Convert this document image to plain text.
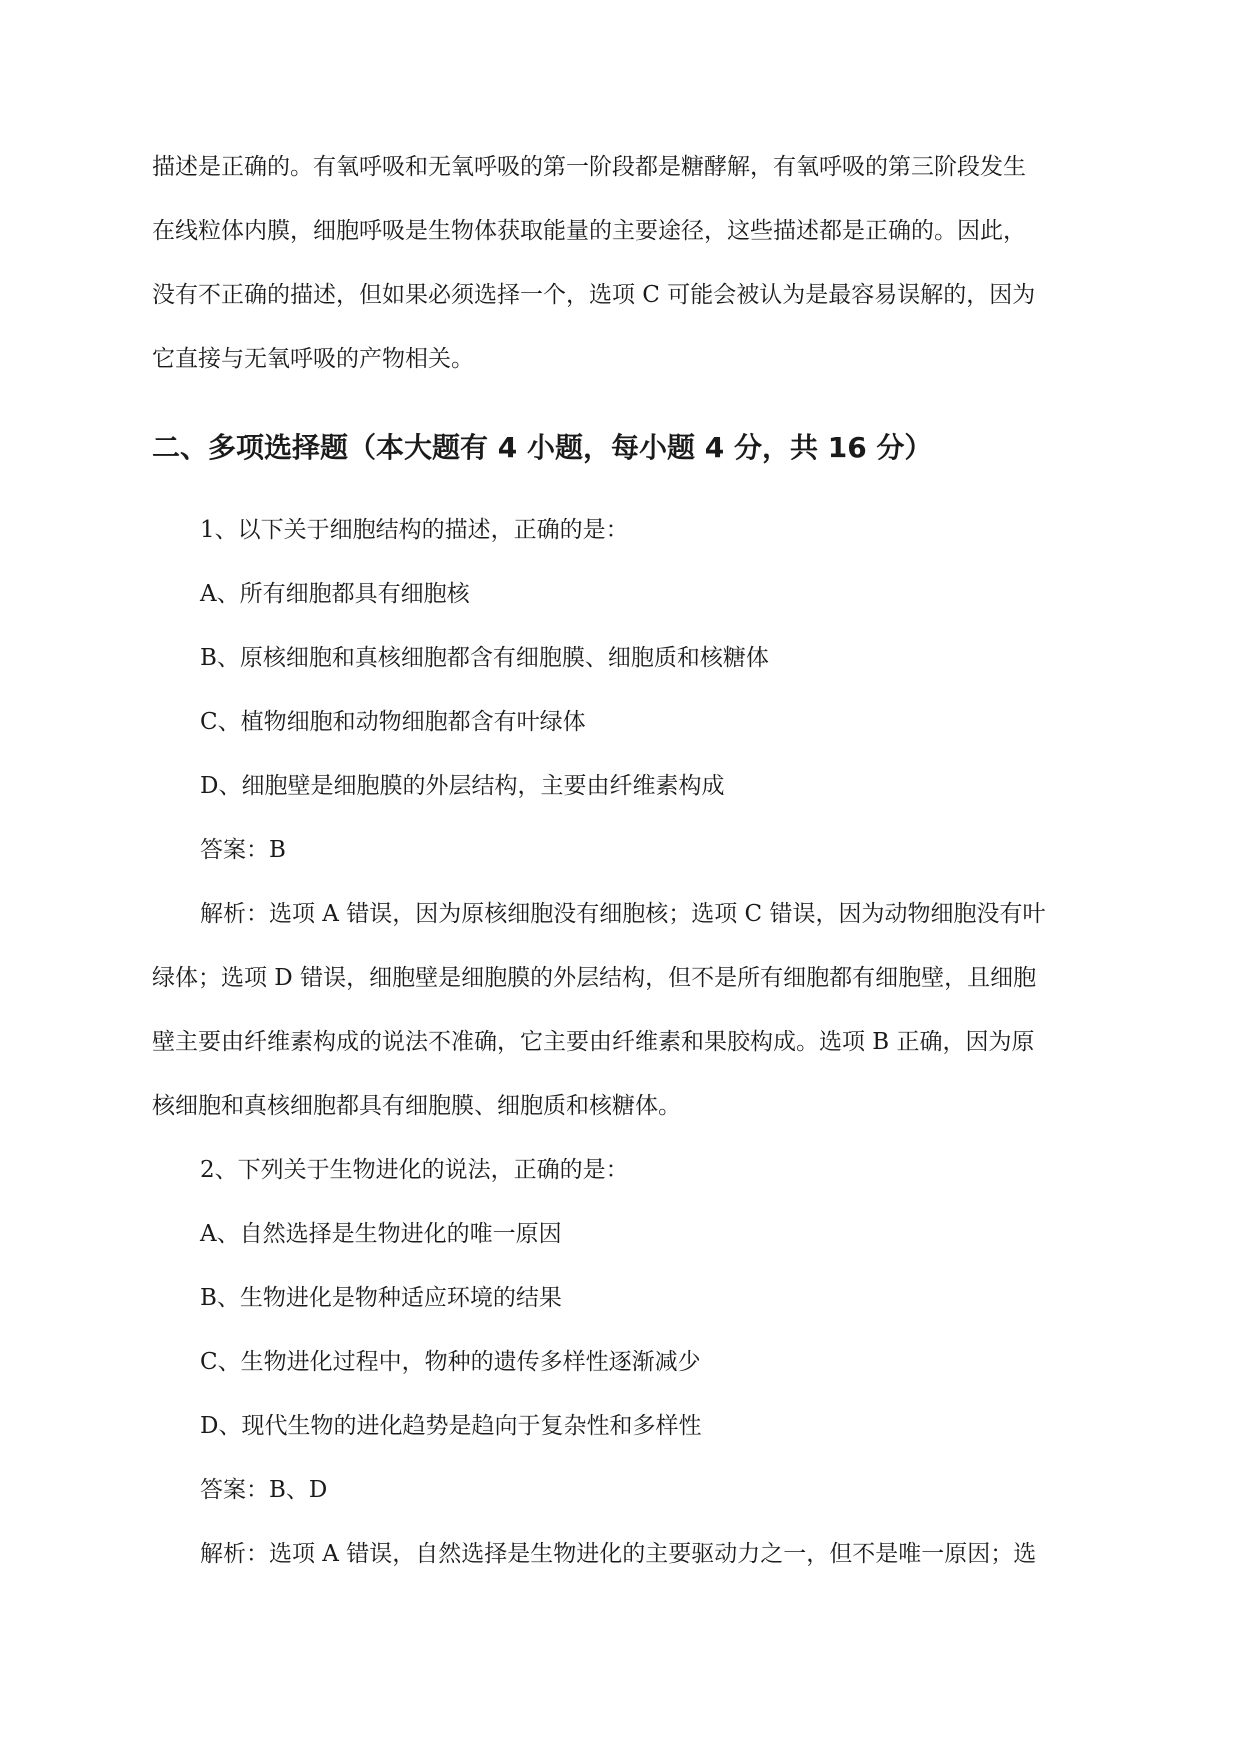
描述是正确的。有氧呼吸和无氧呼吸的第一阶段都是糖酵解，有氧呼吸的第三阶段发生

在线粒体内膜，细胞呼吸是生物体获取能量的主要途径，这些描述都是正确的。因此，

没有不正确的描述，但如果必须选择一个，选项 C 可能会被认为是最容易误解的，因为

它直接与无氧呼吸的产物相关。

二、多项选择题（本大题有 4 小题，每小题 4 分，共 16 分）

1、以下关于细胞结构的描述，正确的是：

A、所有细胞都具有细胞核

B、原核细胞和真核细胞都含有细胞膜、细胞质和核糖体

C、植物细胞和动物细胞都含有叶绿体

D、细胞壁是细胞膜的外层结构，主要由纤维素构成

答案：B

解析：选项 A 错误，因为原核细胞没有细胞核；选项 C 错误，因为动物细胞没有叶

绿体；选项 D 错误，细胞壁是细胞膜的外层结构，但不是所有细胞都有细胞壁，且细胞

壁主要由纤维素构成的说法不准确，它主要由纤维素和果胶构成。选项 B 正确，因为原

核细胞和真核细胞都具有细胞膜、细胞质和核糖体。

2、下列关于生物进化的说法，正确的是：

A、自然选择是生物进化的唯一原因

B、生物进化是物种适应环境的结果

C、生物进化过程中，物种的遗传多样性逐渐减少

D、现代生物的进化趋势是趋向于复杂性和多样性

答案：B、D

解析：选项 A 错误，自然选择是生物进化的主要驱动力之一，但不是唯一原因；选
